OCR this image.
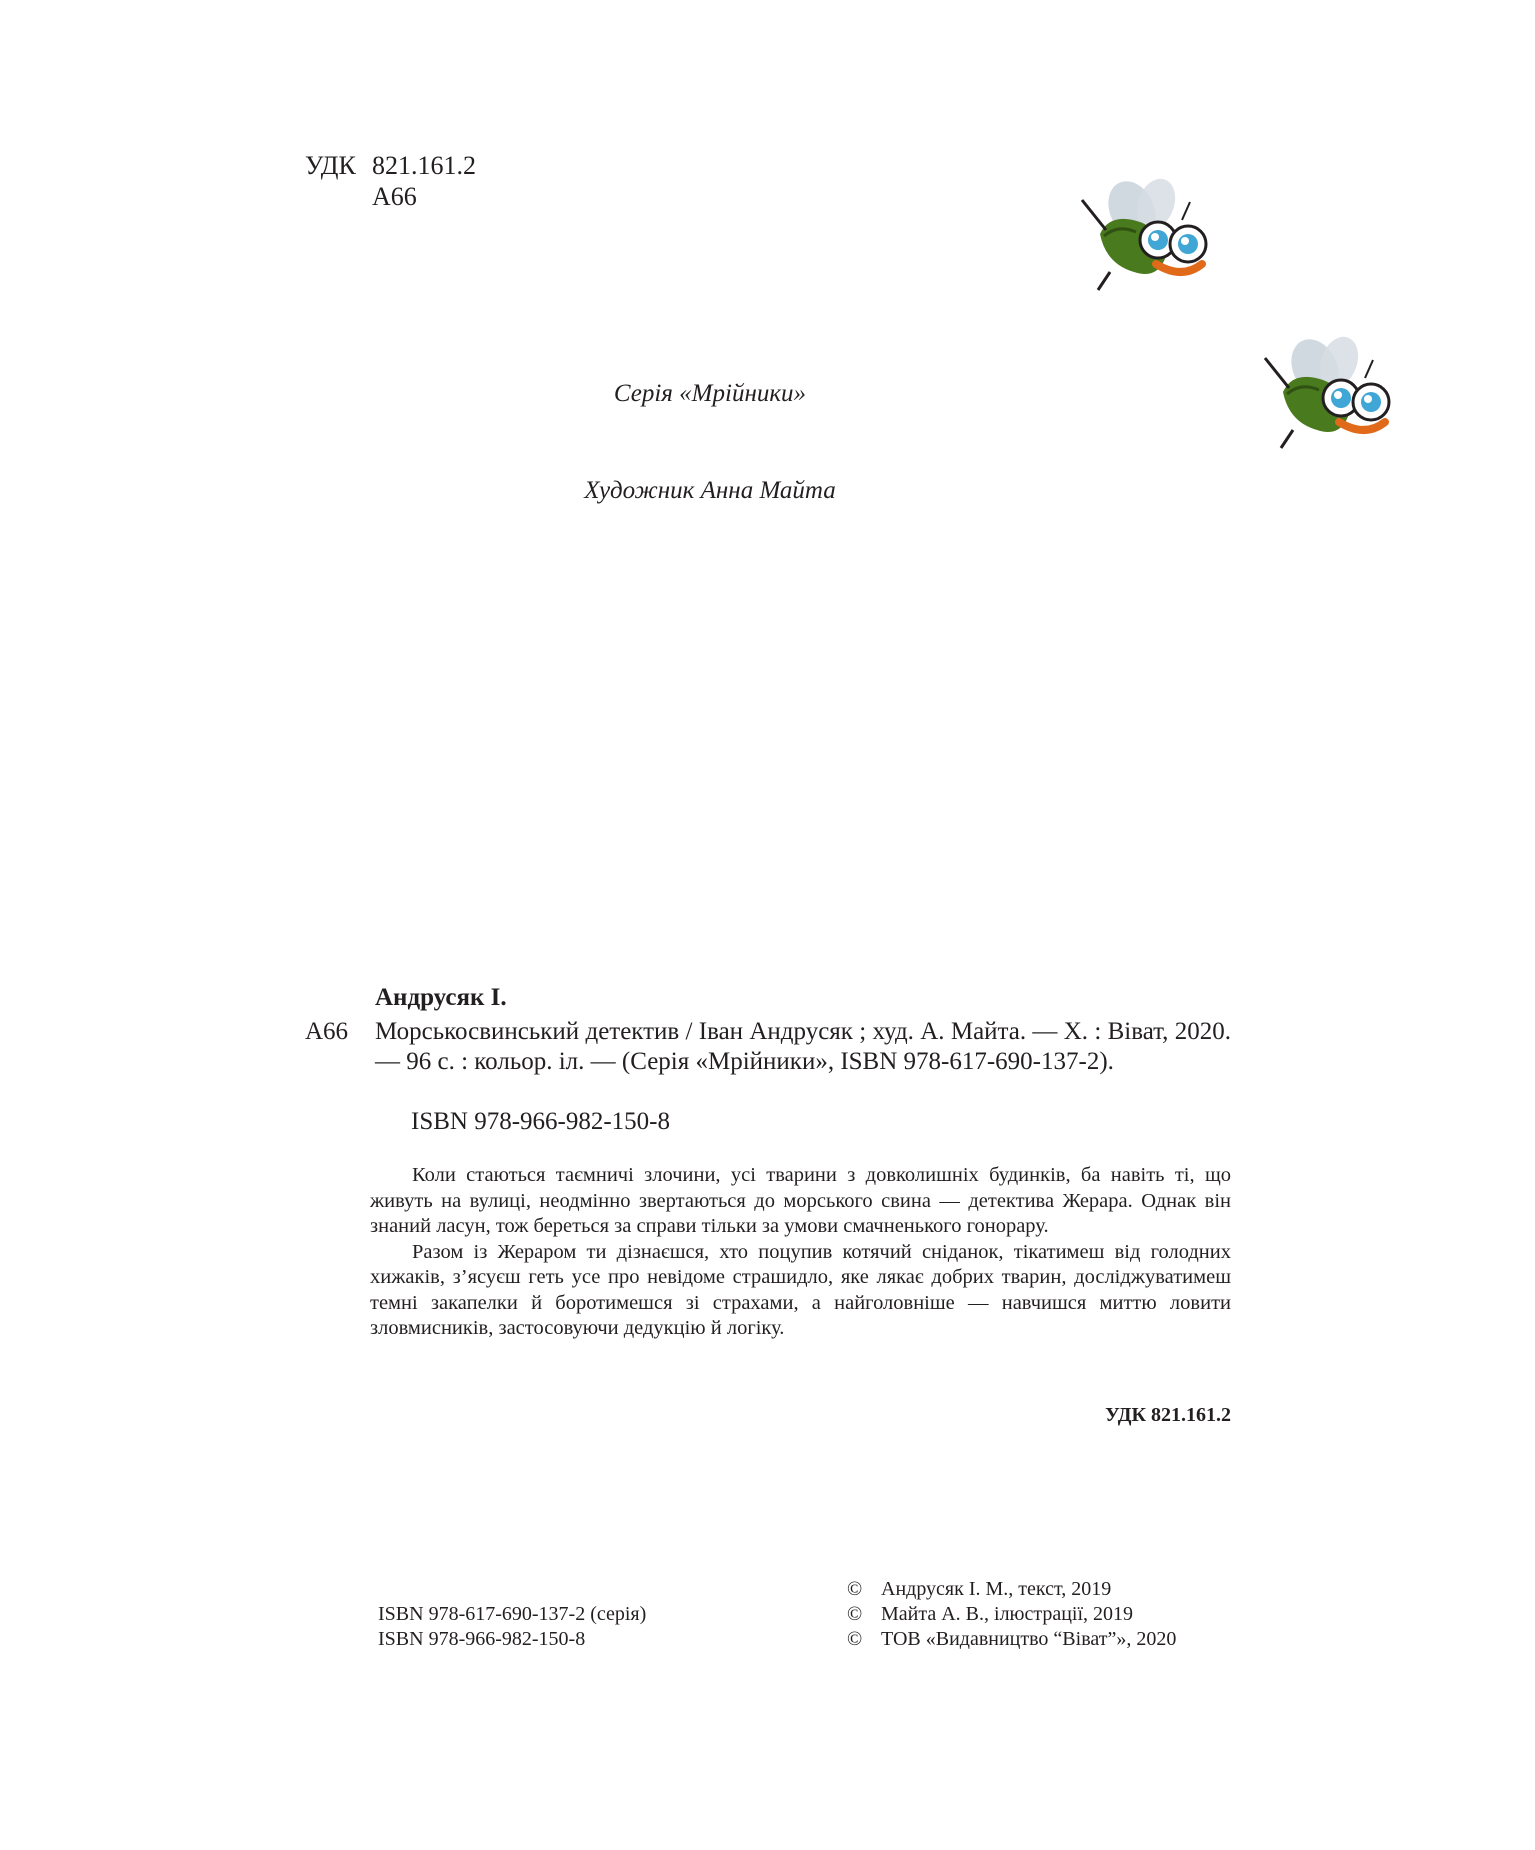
УДК 821.161.2
А66
Серія «Мрійники»
Художник Анна Майта
Андрусяк І.
А66 Морськосвинський детектив / Іван Андрусяк ; худ. А. Майта. — Х. : Віват, 2020. — 96 с. : кольор. іл. — (Серія «Мрійники», ISBN 978-617-690-137-2).
ISBN 978-966-982-150-8

Коли стаються таємничі злочини, усі тварини з довколишніх будинків, ба навіть ті, що живуть на вулиці, неодмінно звертаються до морського свина — детектива Жерара. Однак він знаний ласун, тож береться за справи тільки за умови смачненького гонорару.

Разом із Жераром ти дізнаєшся, хто поцупив котячий сніданок, тікатимеш від голодних хижаків, з’ясуєш геть усе про невідоме страшидло, яке лякає добрих тварин, досліджуватимеш темні закапелки й боротимешся зі страхами, а найголовніше — навчишся миттю ловити зловмисників, застосовуючи дедукцію й логіку.

УДК 821.161.2
ISBN 978-617-690-137-2 (серія)
ISBN 978-966-982-150-8
© Андрусяк І. М., текст, 2019
© Майта А. В., ілюстрації, 2019
© ТОВ «Видавництво “Віват”», 2020
